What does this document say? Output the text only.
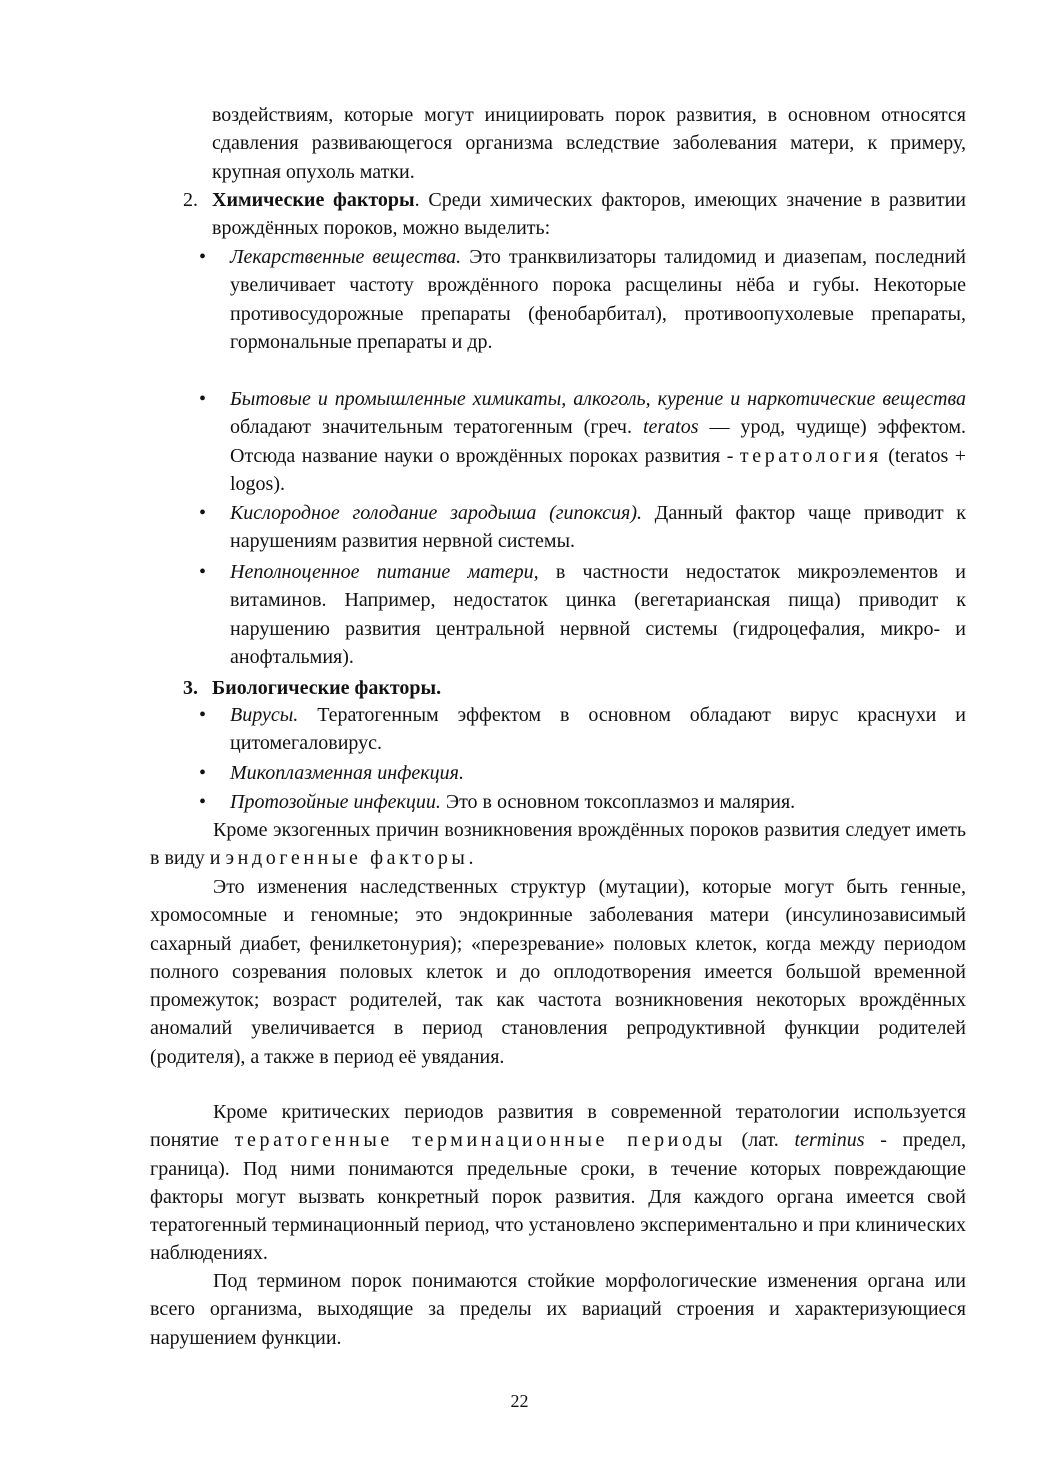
воздействиям, которые могут инициировать порок развития, в основном относятся сдавления развивающегося организма вследствие заболевания матери, к примеру, крупная опухоль матки.

2. Химические факторы. Среди химических факторов, имеющих значение в развитии врождённых пороков, можно выделить:
• Лекарственные вещества. Это транквилизаторы талидомид и диазепам, последний увеличивает частоту врождённого порока расщелины нёба и губы. Некоторые противосудорожные препараты (фенобарбитал), противоопухолевые препараты, гормональные препараты и др.
• Бытовые и промышленные химикаты, алкоголь, курение и наркотические вещества обладают значительным тератогенным (греч. teratos — урод, чудище) эффектом. Отсюда название науки о врождённых пороках развития - тератология (teratos + logos).
• Кислородное голодание зародыша (гипоксия). Данный фактор чаще приводит к нарушениям развития нервной системы.
• Неполноценное питание матери, в частности недостаток микроэлементов и витаминов. Например, недостаток цинка (вегетарианская пища) приводит к нарушению развития центральной нервной системы (гидроцефалия, микро- и анофтальмия).
3. Биологические факторы.
• Вирусы. Тератогенным эффектом в основном обладают вирус краснухи и цитомегаловирус.
• Микоплазменная инфекция.
• Протозойные инфекции. Это в основном токсоплазмоз и малярия.

Кроме экзогенных причин возникновения врождённых пороков развития следует иметь в виду и эндогенные факторы.

Это изменения наследственных структур (мутации), которые могут быть генные, хромосомные и геномные; это эндокринные заболевания матери (инсулинозависимый сахарный диабет, фенилкетонурия); «перезревание» половых клеток, когда между периодом полного созревания половых клеток и до оплодотворения имеется большой временной промежуток; возраст родителей, так как частота возникновения некоторых врождённых аномалий увеличивается в период становления репродуктивной функции родителей (родителя), а также в период её увядания.

Кроме критических периодов развития в современной тератологии используется понятие тератогенные терминационные периоды (лат. terminus - предел, граница). Под ними понимаются предельные сроки, в течение которых повреждающие факторы могут вызвать конкретный порок развития. Для каждого органа имеется свой тератогенный терминационный период, что установлено экспериментально и при клинических наблюдениях.

Под термином порок понимаются стойкие морфологические изменения органа или всего организма, выходящие за пределы их вариаций строения и характеризующиеся нарушением функции.

22
